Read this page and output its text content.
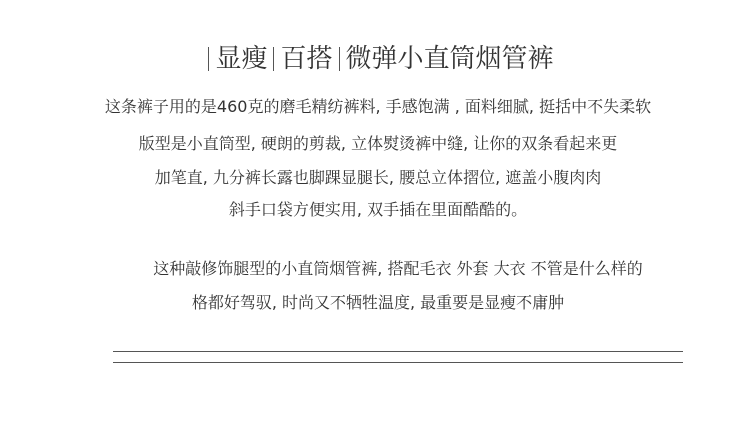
显瘦 百搭 微弹小直筒烟管裤
这条裤子用的是460克的磨毛精纺裤料, 手感饱满 , 面料细腻, 挺括中不失柔软
版型是小直筒型, 硬朗的剪裁, 立体熨烫裤中缝, 让你的双条看起来更
加笔直, 九分裤长露也脚踝显腿长, 腰总立体摺位, 遮盖小腹肉肉
斜手口袋方便实用, 双手插在里面酷酷的。
这种敲修饰腿型的小直筒烟管裤, 搭配毛衣 外套 大衣 不管是什么样的
格都好驾驭, 时尚又不牺牲温度, 最重要是显瘦不庸肿
